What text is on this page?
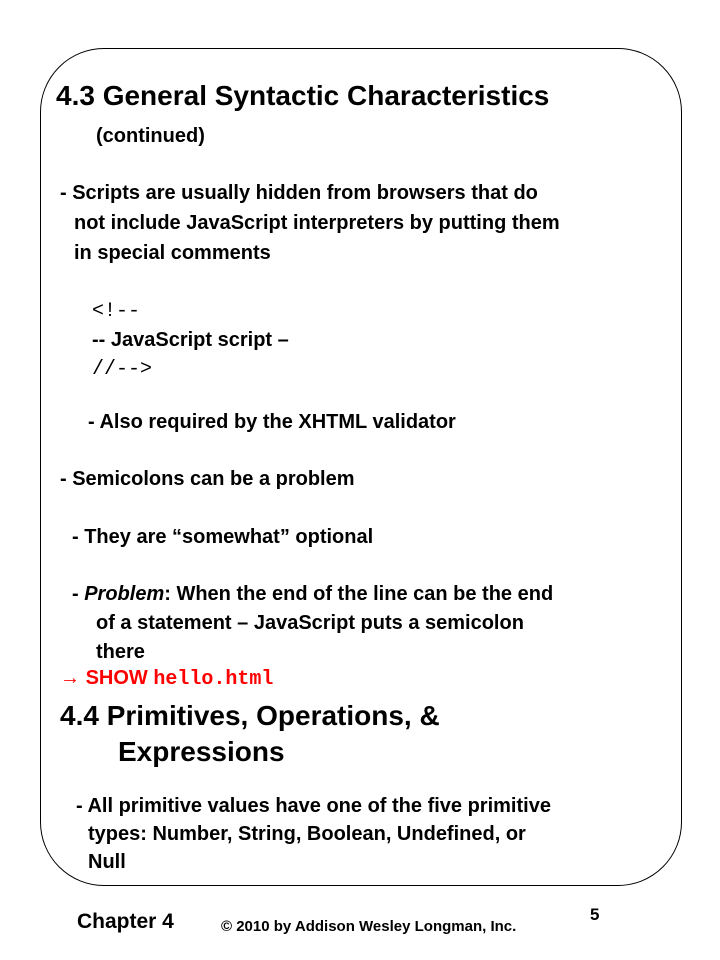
4.3 General Syntactic Characteristics
(continued)
- Scripts are usually hidden from browsers that do
not include JavaScript interpreters by putting them
in special comments
<!--
-- JavaScript script –
//-->
- Also required by the XHTML validator
- Semicolons can be a problem
- They are “somewhat” optional
- Problem: When the end of the line can be the end
of a statement – JavaScript puts a semicolon
there
→ SHOW hello.html
4.4 Primitives, Operations, &
Expressions
- All primitive values have one of the five primitive
types: Number, String, Boolean, Undefined, or
Null
Chapter 4	© 2010 by Addison Wesley Longman, Inc.
5
